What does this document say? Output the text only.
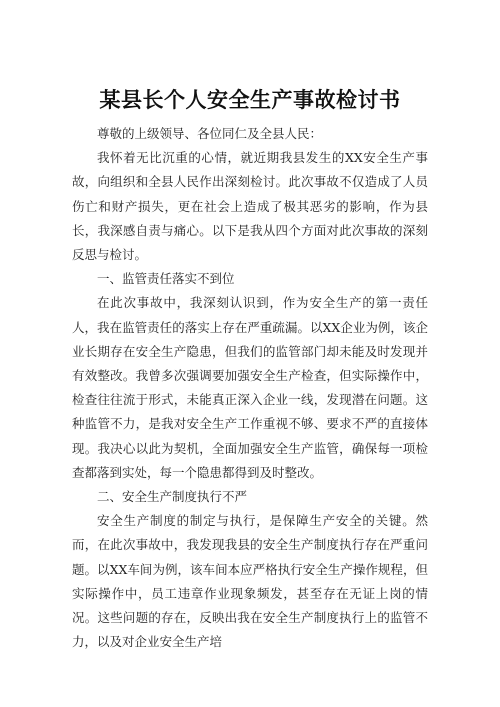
某县长个人安全生产事故检讨书

尊敬的上级领导、各位同仁及全县人民：

我怀着无比沉重的心情，就近期我县发生的XX安全生产事故，向组织和全县人民作出深刻检讨。此次事故不仅造成了人员伤亡和财产损失，更在社会上造成了极其恶劣的影响，作为县长，我深感自责与痛心。以下是我从四个方面对此次事故的深刻反思与检讨。

一、监管责任落实不到位

在此次事故中，我深刻认识到，作为安全生产的第一责任人，我在监管责任的落实上存在严重疏漏。以XX企业为例，该企业长期存在安全生产隐患，但我们的监管部门却未能及时发现并有效整改。我曾多次强调要加强安全生产检查，但实际操作中，检查往往流于形式，未能真正深入企业一线，发现潜在问题。这种监管不力，是我对安全生产工作重视不够、要求不严的直接体现。我决心以此为契机，全面加强安全生产监管，确保每一项检查都落到实处，每一个隐患都得到及时整改。

二、安全生产制度执行不严

安全生产制度的制定与执行，是保障生产安全的关键。然而，在此次事故中，我发现我县的安全生产制度执行存在严重问题。以XX车间为例，该车间本应严格执行安全生产操作规程，但实际操作中，员工违章作业现象频发，甚至存在无证上岗的情况。这些问题的存在，反映出我在安全生产制度执行上的监管不力，以及对企业安全生产培
